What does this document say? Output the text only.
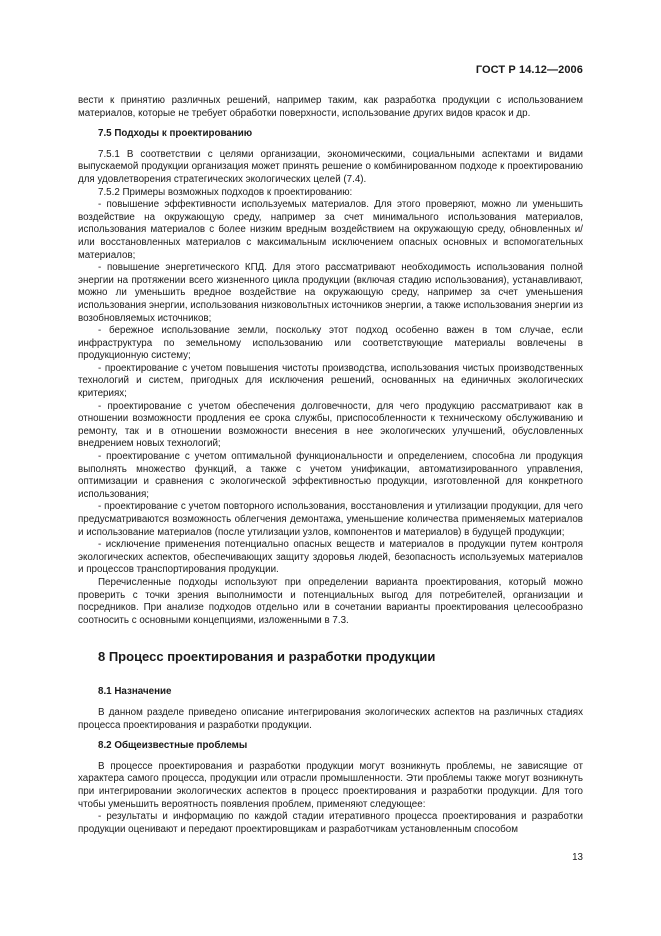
ГОСТ Р 14.12—2006

вести к принятию различных решений, например таким, как разработка продукции с использованием материалов, которые не требует обработки поверхности, использование других видов красок и др.

7.5 Подходы к проектированию

7.5.1 В соответствии с целями организации, экономическими, социальными аспектами и видами выпускаемой продукции организация может принять решение о комбинированном подходе к проектированию для удовлетворения стратегических экологических целей (7.4).

7.5.2 Примеры возможных подходов к проектированию:

- повышение эффективности используемых материалов. Для этого проверяют, можно ли уменьшить воздействие на окружающую среду, например за счет минимального использования материалов, использования материалов с более низким вредным воздействием на окружающую среду, обновленных и/или восстановленных материалов с максимальным исключением опасных основных и вспомогательных материалов;

- повышение энергетического КПД. Для этого рассматривают необходимость использования полной энергии на протяжении всего жизненного цикла продукции (включая стадию использования), устанавливают, можно ли уменьшить вредное воздействие на окружающую среду, например за счет уменьшения использования энергии, использования низковольтных источников энергии, а также использования энергии из возобновляемых источников;

- бережное использование земли, поскольку этот подход особенно важен в том случае, если инфраструктура по земельному использованию или соответствующие материалы вовлечены в продукционную систему;

- проектирование с учетом повышения чистоты производства, использования чистых производственных технологий и систем, пригодных для исключения решений, основанных на единичных экологических критериях;

- проектирование с учетом обеспечения долговечности, для чего продукцию рассматривают как в отношении возможности продления ее срока службы, приспособленности к техническому обслуживанию и ремонту, так и в отношении возможности внесения в нее экологических улучшений, обусловленных внедрением новых технологий;

- проектирование с учетом оптимальной функциональности и определением, способна ли продукция выполнять множество функций, а также с учетом унификации, автоматизированного управления, оптимизации и сравнения с экологической эффективностью продукции, изготовленной для конкретного использования;

- проектирование с учетом повторного использования, восстановления и утилизации продукции, для чего предусматриваются возможность облегчения демонтажа, уменьшение количества применяемых материалов и использование материалов (после утилизации узлов, компонентов и материалов) в будущей продукции;

- исключение применения потенциально опасных веществ и материалов в продукции путем контроля экологических аспектов, обеспечивающих защиту здоровья людей, безопасность используемых материалов и процессов транспортирования продукции.

Перечисленные подходы используют при определении варианта проектирования, который можно проверить с точки зрения выполнимости и потенциальных выгод для потребителей, организации и посредников. При анализе подходов отдельно или в сочетании варианты проектирования целесообразно соотносить с основными концепциями, изложенными в 7.3.

8 Процесс проектирования и разработки продукции
8.1 Назначение

В данном разделе приведено описание интегрирования экологических аспектов на различных стадиях процесса проектирования и разработки продукции.

8.2 Общеизвестные проблемы

В процессе проектирования и разработки продукции могут возникнуть проблемы, не зависящие от характера самого процесса, продукции или отрасли промышленности. Эти проблемы также могут возникнуть при интегрировании экологических аспектов в процесс проектирования и разработки продукции. Для того чтобы уменьшить вероятность появления проблем, применяют следующее:

- результаты и информацию по каждой стадии итеративного процесса проектирования и разработки продукции оценивают и передают проектировщикам и разработчикам установленным способом

13
